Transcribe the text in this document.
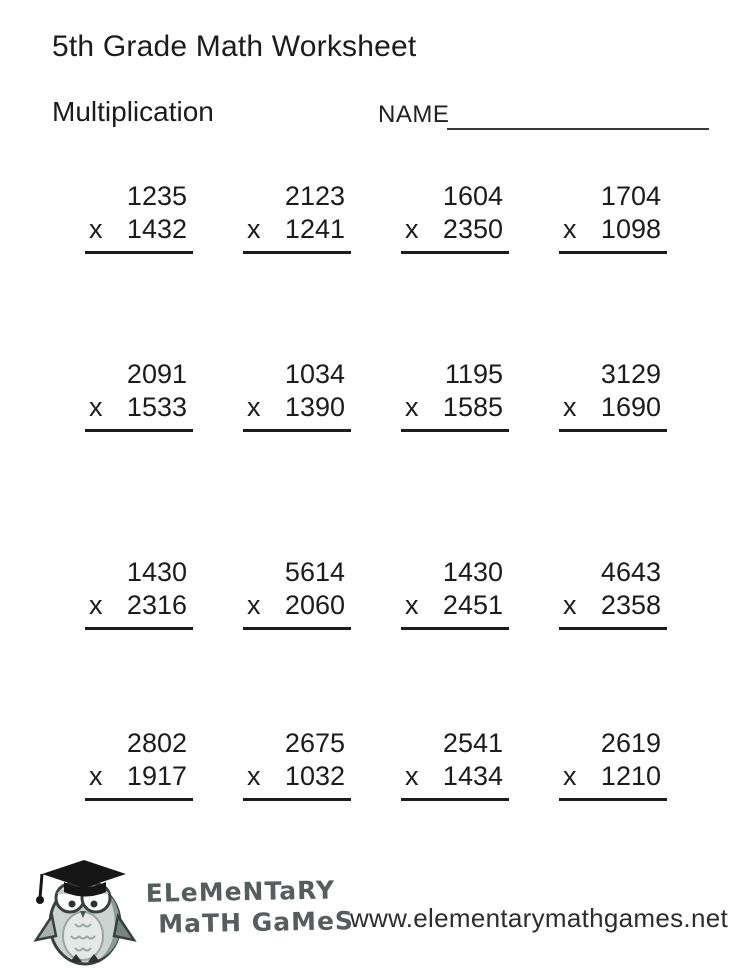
5th Grade Math Worksheet
Multiplication	NAME
1235
x 1432
2123
x 1241
1604
x 2350
1704
x 1098
2091
x 1533
1034
x 1390
1195
x 1585
3129
x 1690
1430
x 2316
5614
x 2060
1430
x 2451
4643
x 2358
2802
x 1917
2675
x 1032
2541
x 1434
2619
x 1210
ELeMeNTaRY
MaTH GaMeS
www.elementarymathgames.net
